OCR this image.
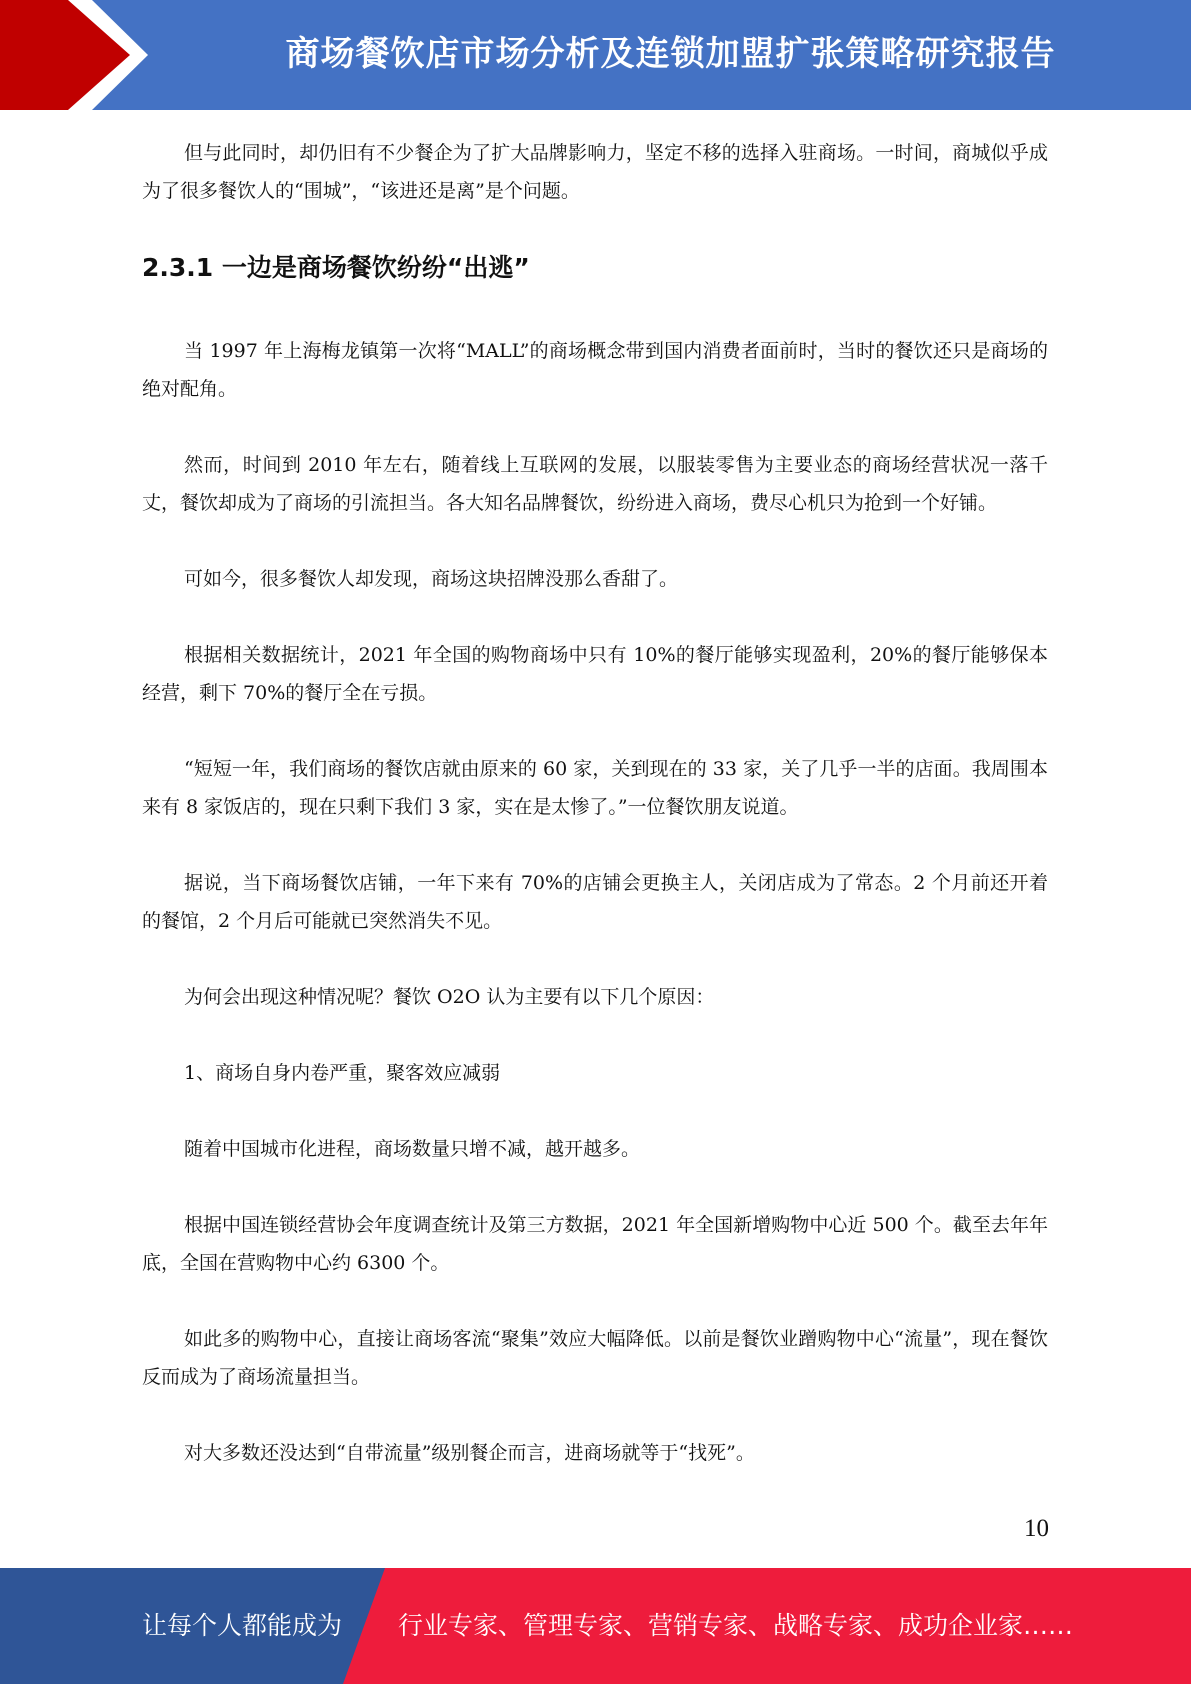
商场餐饮店市场分析及连锁加盟扩张策略研究报告

但与此同时，却仍旧有不少餐企为了扩大品牌影响力，坚定不移的选择入驻商场。一时间，商城似乎成为了很多餐饮人的“围城”，“该进还是离”是个问题。

2.3.1 一边是商场餐饮纷纷“出逃”

当 1997 年上海梅龙镇第一次将“MALL”的商场概念带到国内消费者面前时，当时的餐饮还只是商场的绝对配角。

然而，时间到 2010 年左右，随着线上互联网的发展，以服装零售为主要业态的商场经营状况一落千丈，餐饮却成为了商场的引流担当。各大知名品牌餐饮，纷纷进入商场，费尽心机只为抢到一个好铺。

可如今，很多餐饮人却发现，商场这块招牌没那么香甜了。

根据相关数据统计，2021 年全国的购物商场中只有 10%的餐厅能够实现盈利，20%的餐厅能够保本经营，剩下 70%的餐厅全在亏损。

“短短一年，我们商场的餐饮店就由原来的 60 家，关到现在的 33 家，关了几乎一半的店面。我周围本来有 8 家饭店的，现在只剩下我们 3 家，实在是太惨了。”一位餐饮朋友说道。

据说，当下商场餐饮店铺，一年下来有 70%的店铺会更换主人，关闭店成为了常态。2 个月前还开着的餐馆，2 个月后可能就已突然消失不见。

为何会出现这种情况呢？餐饮 O2O 认为主要有以下几个原因：

1、商场自身内卷严重，聚客效应减弱

随着中国城市化进程，商场数量只增不减，越开越多。

根据中国连锁经营协会年度调查统计及第三方数据，2021 年全国新增购物中心近 500 个。截至去年年底，全国在营购物中心约 6300 个。

如此多的购物中心，直接让商场客流“聚集”效应大幅降低。以前是餐饮业蹭购物中心“流量”，现在餐饮反而成为了商场流量担当。

对大多数还没达到“自带流量”级别餐企而言，进商场就等于“找死”。

10
让每个人都能成为 行业专家、管理专家、营销专家、战略专家、成功企业家……
